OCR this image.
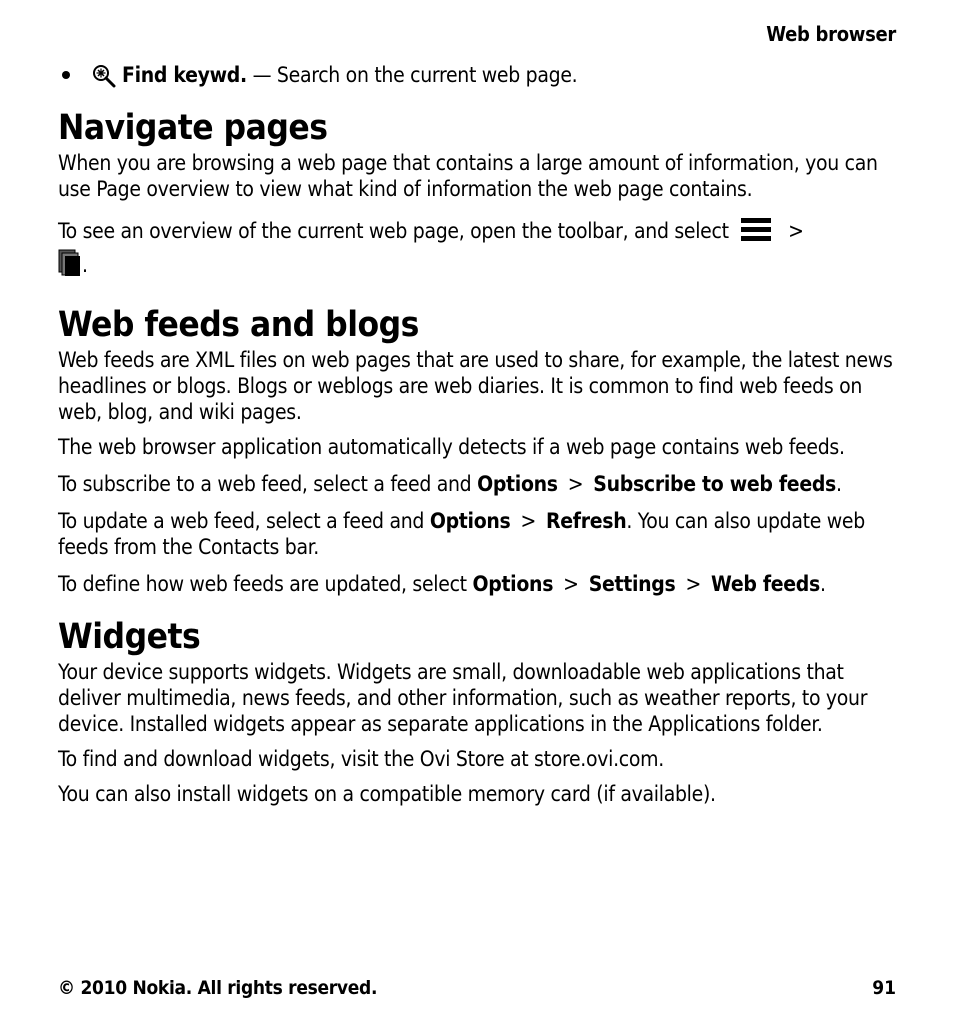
Web browser
Find keywd. — Search on the current web page.
Navigate pages

When you are browsing a web page that contains a large amount of information, you can use Page overview to view what kind of information the web page contains.

To see an overview of the current web page, open the toolbar, and select	>
.

Web feeds and blogs

Web feeds are XML files on web pages that are used to share, for example, the latest news headlines or blogs. Blogs or weblogs are web diaries. It is common to find web feeds on web, blog, and wiki pages.

The web browser application automatically detects if a web page contains web feeds.

To subscribe to a web feed, select a feed and Options > Subscribe to web feeds.

To update a web feed, select a feed and Options > Refresh. You can also update web feeds from the Contacts bar.

To define how web feeds are updated, select Options > Settings > Web feeds.

Widgets

Your device supports widgets. Widgets are small, downloadable web applications that deliver multimedia, news feeds, and other information, such as weather reports, to your device. Installed widgets appear as separate applications in the Applications folder.

To find and download widgets, visit the Ovi Store at store.ovi.com.

You can also install widgets on a compatible memory card (if available).

© 2010 Nokia. All rights reserved.	91
